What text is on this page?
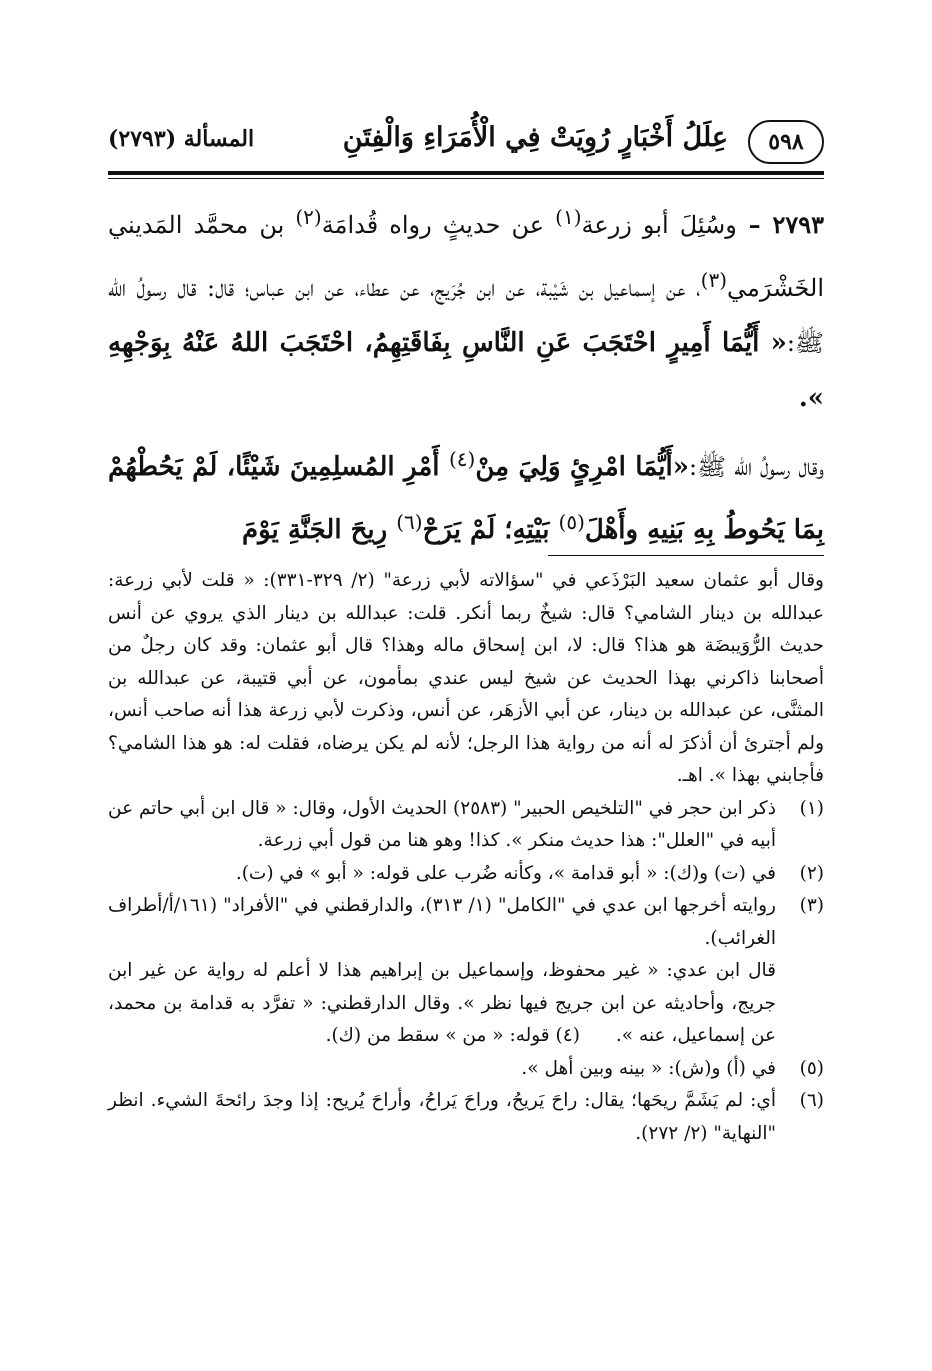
٥٩٨
عِلَلُ أَخْبَارٍ رُوِيَتْ فِي الْأُمَرَاءِ وَالْفِتَنِ
المسألة (٢٧٩٣)

٢٧٩٣ – وسُئِلَ أبو زرعة$^{(١)}$ عن حديثٍ رواه قُدامَة$^{(٢)}$ بن محمَّد المَديني الخَشْرَمي$^{(٣)}$، عن إسماعيل بن شَيْبة، عن ابن جُرَيج، عن عطاء، عن ابن عباس؛ قال: قال رسولُ الله ﷺ:« أَيُّمَا أَمِيرٍ احْتَجَبَ عَنِ النَّاسِ بِفَاقَتِهِمُ، احْتَجَبَ اللهُ عَنْهُ بِوَجْهِهِ ».

وقال رسولُ الله ﷺ:«أَيُّمَا امْرِئٍ وَلِيَ مِنْ$^{(٤)}$ أَمْرِ المُسلِمِينَ شَيْئًا، لَمْ يَحُطْهُمْ بِمَا يَحُوطُ بِهِ بَنِيهِ وأَهْلَ$^{(٥)}$ بَيْتِهِ؛ لَمْ يَرَحْ$^{(٦)}$ رِيحَ الجَنَّةِ يَوْمَ

وقال أبو عثمان سعيد البَرْذَعي في "سؤالاته لأبي زرعة" (٢/ ٣٢٩-٣٣١): « قلت لأبي زرعة: عبدالله بن دينار الشامي؟ قال: شيخٌ ربما أنكر. قلت: عبدالله بن دينار الذي يروي عن أنس حديث الرُّوَيبضَة هو هذا؟ قال: لا، ابن إسحاق ماله وهذا؟ قال أبو عثمان: وقد كان رجلٌ من أصحابنا ذاكرني بهذا الحديث عن شيخ ليس عندي بمأمون، عن أبي قتيبة، عن عبدالله بن المثنَّى، عن عبدالله بن دينار، عن أبي الأزهَر، عن أنس، وذكرت لأبي زرعة هذا أنه صاحب أنس، ولم أجترئ أن أذكرَ له أنه من رواية هذا الرجل؛ لأنه لم يكن يرضاه، فقلت له: هو هذا الشامي؟ فأجابني بهذا ». اهـ.

(١)
ذكر ابن حجر في "التلخيص الحبير" (٢٥٨٣) الحديث الأول، وقال: « قال ابن أبي حاتم عن أبيه في "العلل": هذا حديث منكر ». كذا! وهو هنا من قول أبي زرعة.

(٢)
في (ت) و(ك): « أبو قدامة »، وكأنه ضُرب على قوله: « أبو » في (ت).

(٣)
روايته أخرجها ابن عدي في "الكامل" (١/ ٣١٣)، والدارقطني في "الأفراد" (١٦١/أ/أطراف الغرائب).

قال ابن عدي: « غير محفوظ، وإسماعيل بن إبراهيم هذا لا أعلم له رواية عن غير ابن جريج، وأحاديثه عن ابن جريج فيها نظر ». وقال الدارقطني: « تفرَّد به قدامة بن محمد، عن إسماعيل، عنه ».(٤) قوله: « من » سقط من (ك).

(٥)
في (أ) و(ش): « بينه وبين أهل ».

(٦)
أي: لم يَشَمَّ ريحَها؛ يقال: راحَ يَريحُ، وراحَ يَراحُ، وأراحَ يُريح: إذا وجدَ رائحةَ الشيء. انظر "النهاية" (٢/ ٢٧٢).
